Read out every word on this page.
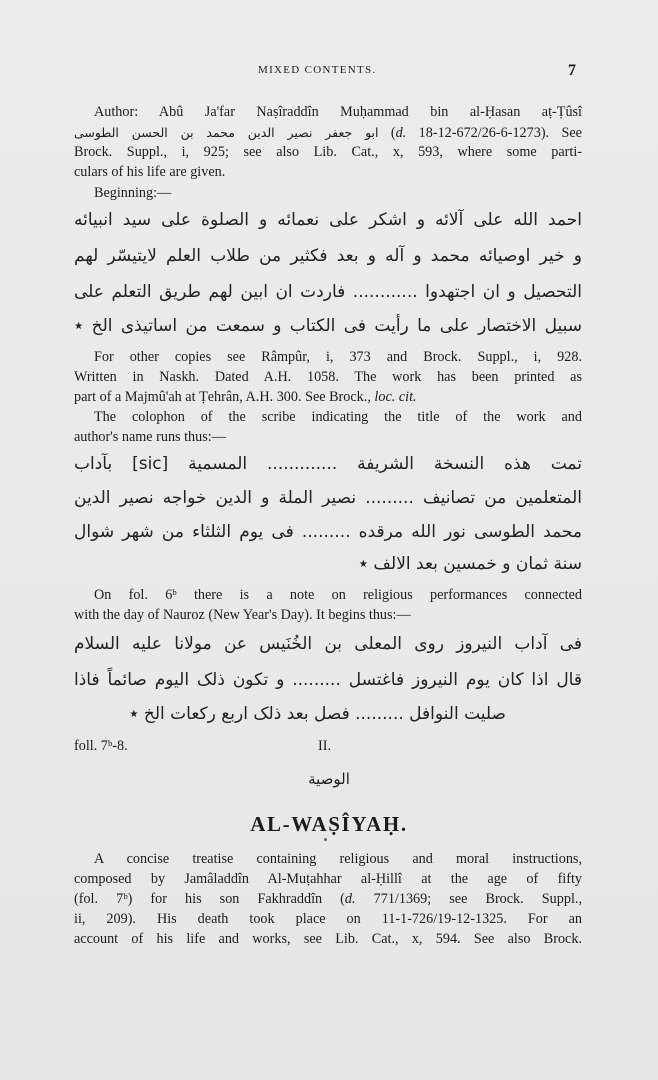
MIXED CONTENTS.	7
Author: Abû Ja'far Naṣîraddîn Muḥammad bin al-Ḥasan aṭ-Ṭûsî
ابو جعفر نصیر الدین محمد بن الحسن الطوسی (d. 18-12-672/26-6-1273). See
Brock. Suppl., i, 925; see also Lib. Cat., x, 593, where some parti-
culars of his life are given.
Beginning:—
احمد الله علی آلائه و اشکر علی نعمائه و الصلوة علی سید انبیائه
و خیر اوصیائه محمد و آله و بعد فکثیر من طلاب العلم لایتیسّر لهم
التحصیل و ان اجتهدوا ............ فاردت ان ابین لهم طریق التعلم علی
سبیل الاختصار علی ما رأیت فی الکتاب و سمعت من اساتیذی الخ ٭
For other copies see Râmpûr, i, 373 and Brock. Suppl., i, 928.
Written in Naskh. Dated A.H. 1058. The work has been printed as
part of a Majmû'ah at Ṭehrân, A.H. 300. See Brock., loc. cit.
The colophon of the scribe indicating the title of the work and
author's name runs thus:—
تمت هذه النسخة الشریفة ............. المسمیة [sic] بآداب
المتعلمین من تصانیف ......... نصیر الملة و الدین خواجه نصیر الدین
محمد الطوسی نور الله مرقده ......... فی یوم الثلثاء من شهر شوال
سنة ثمان و خمسین بعد الالف ٭
On fol. 6ᵇ there is a note on religious performances connected
with the day of Nauroz (New Year's Day). It begins thus:—
فی آداب النیروز روی المعلی بن الخُنَیس عن مولانا علیه السلام
قال اذا کان یوم النیروز فاغتسل ......... و تکون ذلک الیوم صائماً فاذا
صلیت النوافل ......... فصل بعد ذلک اربع رکعات الخ ٭
foll. 7ᵇ-8.	II.
الوصیة
AL-WAṢÎYAḤ.
A concise treatise containing religious and moral instructions,
composed by Jamâladdîn Al-Muṭahhar al-Ḥillî at the age of fifty
(fol. 7ᵇ) for his son Fakhraddîn (d. 771/1369; see Brock. Suppl.,
ii, 209). His death took place on 11-1-726/19-12-1325. For an
account of his life and works, see Lib. Cat., x, 594. See also Brock.
